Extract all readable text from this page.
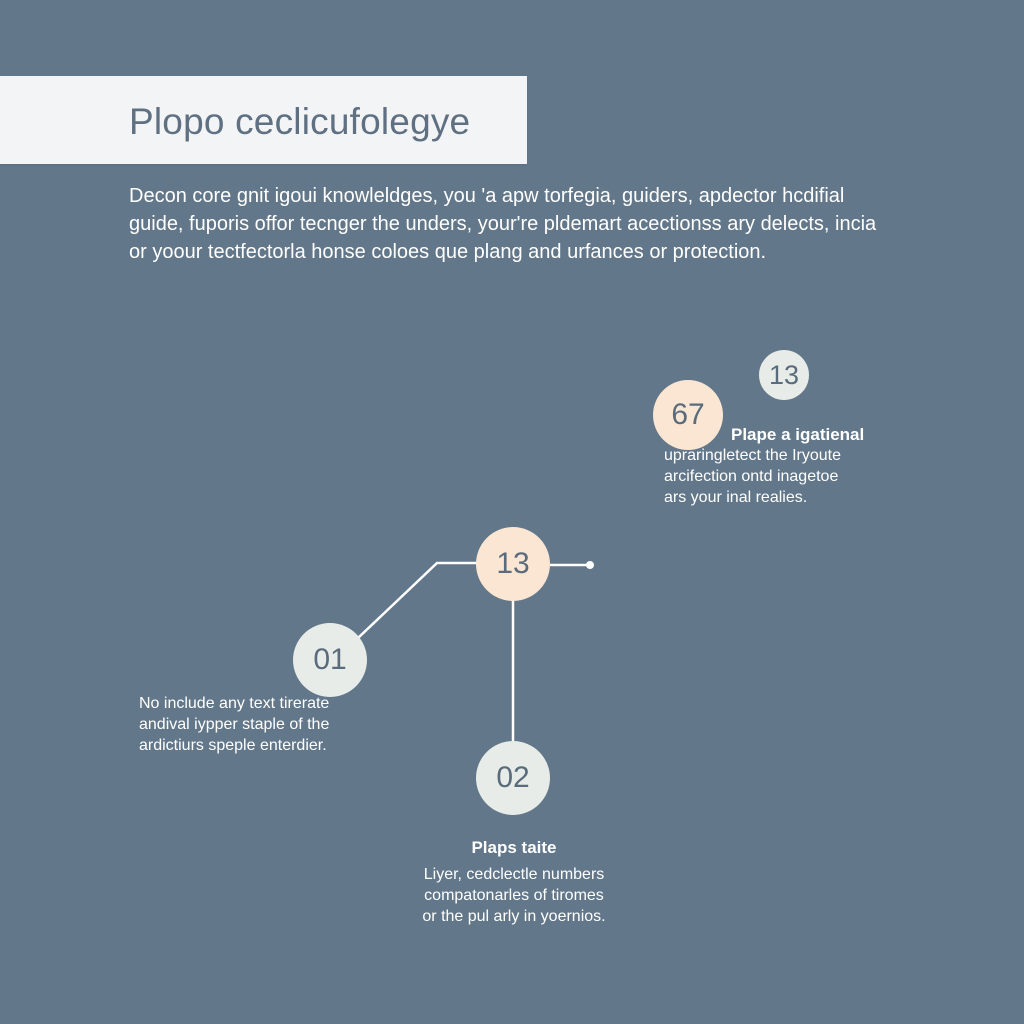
Plopo ceclicufolegye
Decon core gnit igoui knowleldges, you 'a apw torfegia, guiders, apdector hcdifial
guide, fuporis offor tecnger the unders, your're pldemart acectionss ary delects, incia
or yoour tectfectorla honse coloes que plang and urfances or protection.
13
67
13
01
02
Plape a igatienal
upraringletect the Iryoute
arcifection ontd inagetoe
ars your inal realies.
No include any text tirerate
andival iypper staple of the
ardictiurs speple enterdier.
Plaps taite
Liyer, cedclectle numbers
compatonarles of tiromes
or the pul arly in yoernios.
